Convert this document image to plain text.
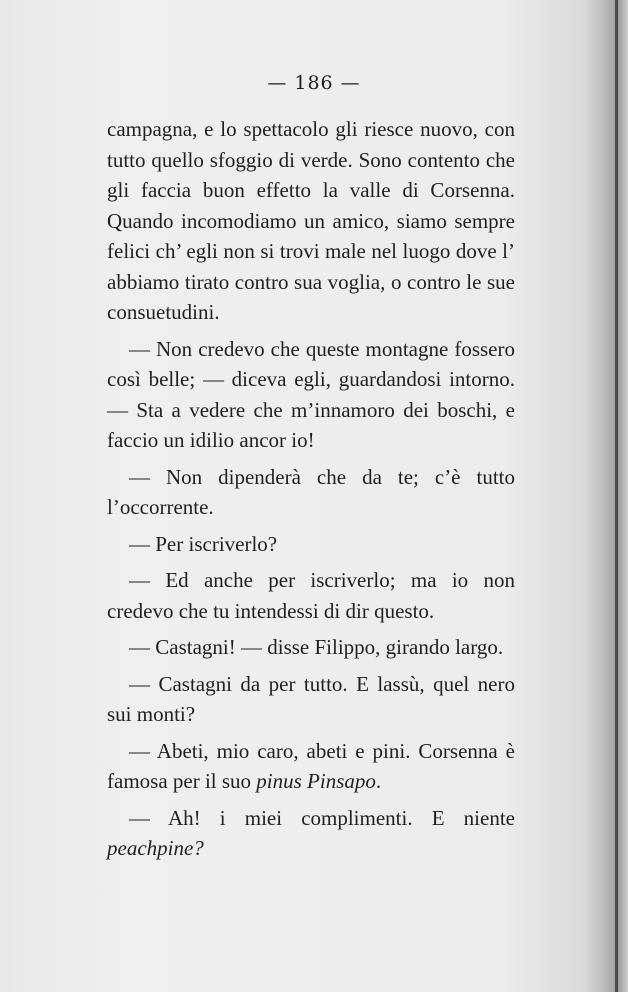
— 186 —

campagna, e lo spettacolo gli riesce nuovo, con tutto quello sfoggio di verde. Sono contento che gli faccia buon effetto la valle di Corsenna. Quando incomodiamo un amico, siamo sempre felici ch’ egli non si trovi male nel luogo dove l’ abbiamo tirato contro sua voglia, o contro le sue consuetudini.

— Non credevo che queste montagne fossero così belle; — diceva egli, guardandosi intorno. — Sta a vedere che m’innamoro dei boschi, e faccio un idilio ancor io!

— Non dipenderà che da te; c’è tutto l’occorrente.

— Per iscriverlo?

— Ed anche per iscriverlo; ma io non credevo che tu intendessi di dir questo.

— Castagni! — disse Filippo, girando largo.

— Castagni da per tutto. E lassù, quel nero sui monti?

— Abeti, mio caro, abeti e pini. Corsenna è famosa per il suo pinus Pinsapo.

— Ah! i miei complimenti. E niente peachpine?
